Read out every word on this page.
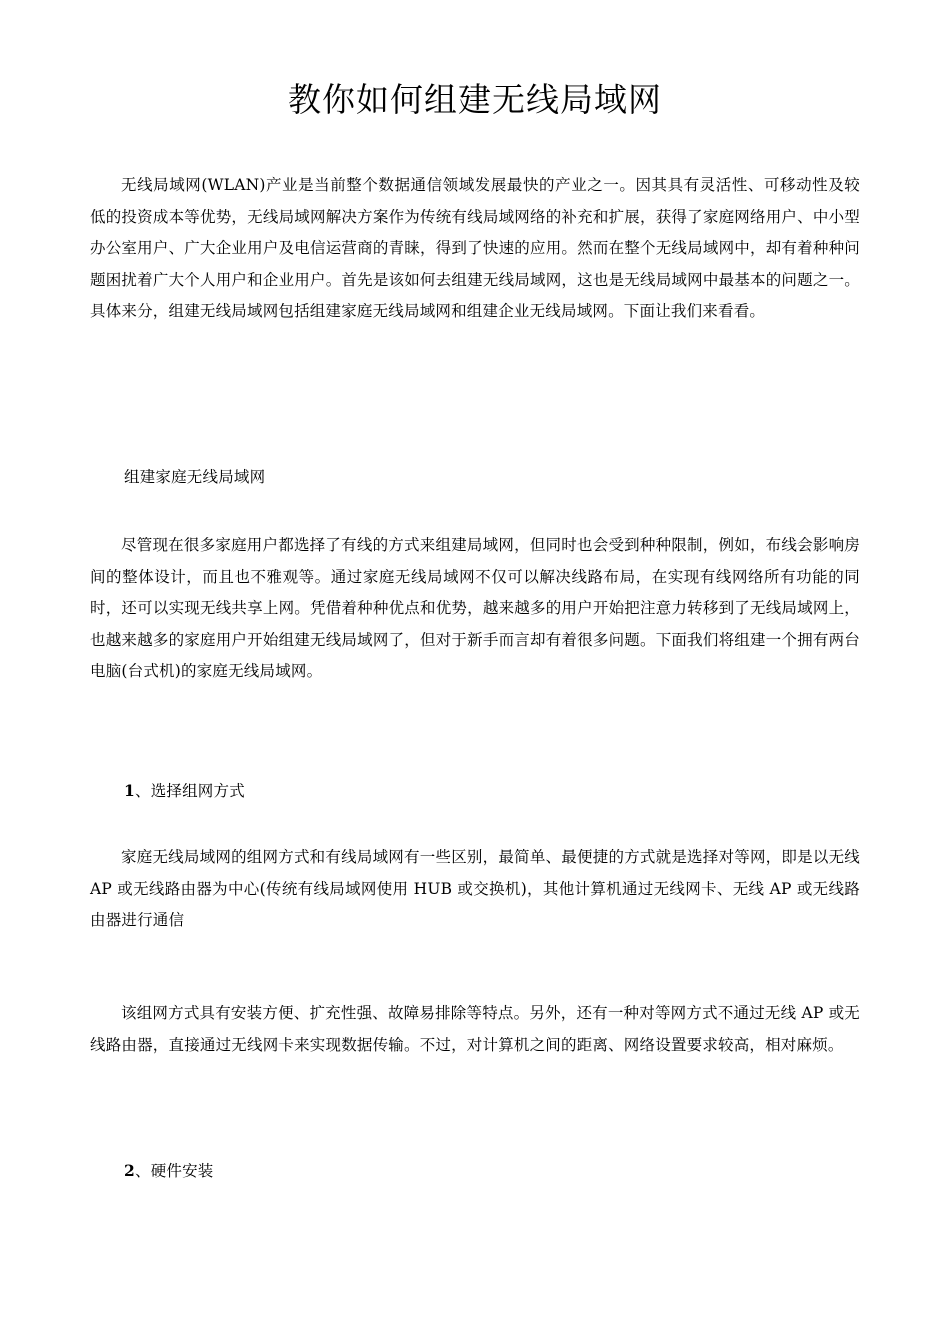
教你如何组建无线局域网

无线局域网(WLAN)产业是当前整个数据通信领域发展最快的产业之一。因其具有灵活性、可移动性及较低的投资成本等优势，无线局域网解决方案作为传统有线局域网络的补充和扩展，获得了家庭网络用户、中小型办公室用户、广大企业用户及电信运营商的青睐，得到了快速的应用。然而在整个无线局域网中，却有着种种问题困扰着广大个人用户和企业用户。首先是该如何去组建无线局域网，这也是无线局域网中最基本的问题之一。具体来分，组建无线局域网包括组建家庭无线局域网和组建企业无线局域网。下面让我们来看看。

组建家庭无线局域网

尽管现在很多家庭用户都选择了有线的方式来组建局域网，但同时也会受到种种限制，例如，布线会影响房间的整体设计，而且也不雅观等。通过家庭无线局域网不仅可以解决线路布局，在实现有线网络所有功能的同时，还可以实现无线共享上网。凭借着种种优点和优势，越来越多的用户开始把注意力转移到了无线局域网上，也越来越多的家庭用户开始组建无线局域网了，但对于新手而言却有着很多问题。下面我们将组建一个拥有两台电脑(台式机)的家庭无线局域网。

1、选择组网方式

家庭无线局域网的组网方式和有线局域网有一些区别，最简单、最便捷的方式就是选择对等网，即是以无线 AP 或无线路由器为中心(传统有线局域网使用 HUB 或交换机)，其他计算机通过无线网卡、无线 AP 或无线路由器进行通信

该组网方式具有安装方便、扩充性强、故障易排除等特点。另外，还有一种对等网方式不通过无线 AP 或无线路由器，直接通过无线网卡来实现数据传输。不过，对计算机之间的距离、网络设置要求较高，相对麻烦。

2、硬件安装
